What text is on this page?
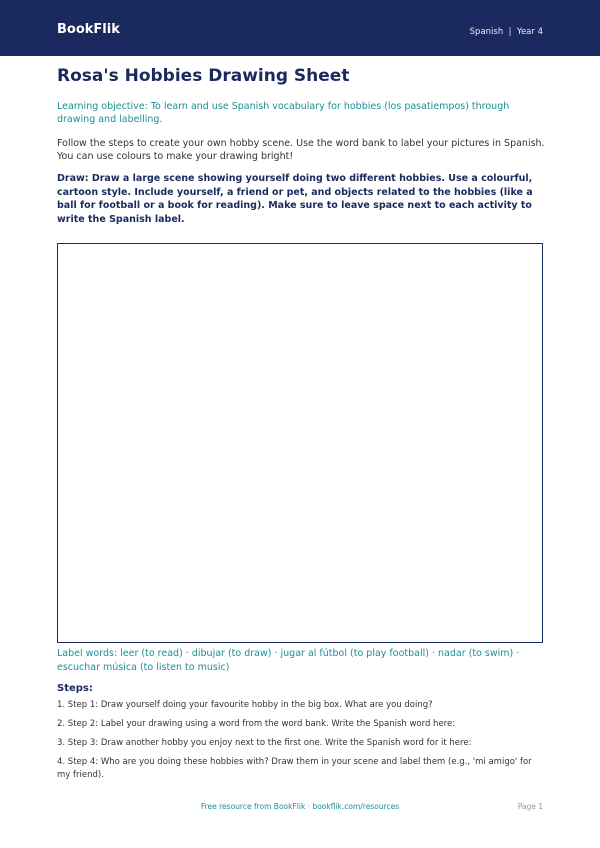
BookFlik	Spanish  |  Year 4
Rosa's Hobbies Drawing Sheet

Learning objective: To learn and use Spanish vocabulary for hobbies (los pasatiempos) through drawing and labelling.

Follow the steps to create your own hobby scene. Use the word bank to label your pictures in Spanish. You can use colours to make your drawing bright!

Draw: Draw a large scene showing yourself doing two different hobbies. Use a colourful, cartoon style. Include yourself, a friend or pet, and objects related to the hobbies (like a ball for football or a book for reading). Make sure to leave space next to each activity to write the Spanish label.

Label words: leer (to read) · dibujar (to draw) · jugar al fútbol (to play football) · nadar (to swim) · escuchar música (to listen to music)

Steps:
1. Step 1: Draw yourself doing your favourite hobby in the big box. What are you doing?
2. Step 2: Label your drawing using a word from the word bank. Write the Spanish word here:
3. Step 3: Draw another hobby you enjoy next to the first one. Write the Spanish word for it here:
4. Step 4: Who are you doing these hobbies with? Draw them in your scene and label them (e.g., 'mi amigo' for my friend).
Free resource from BookFlik · bookflik.com/resources	Page 1
